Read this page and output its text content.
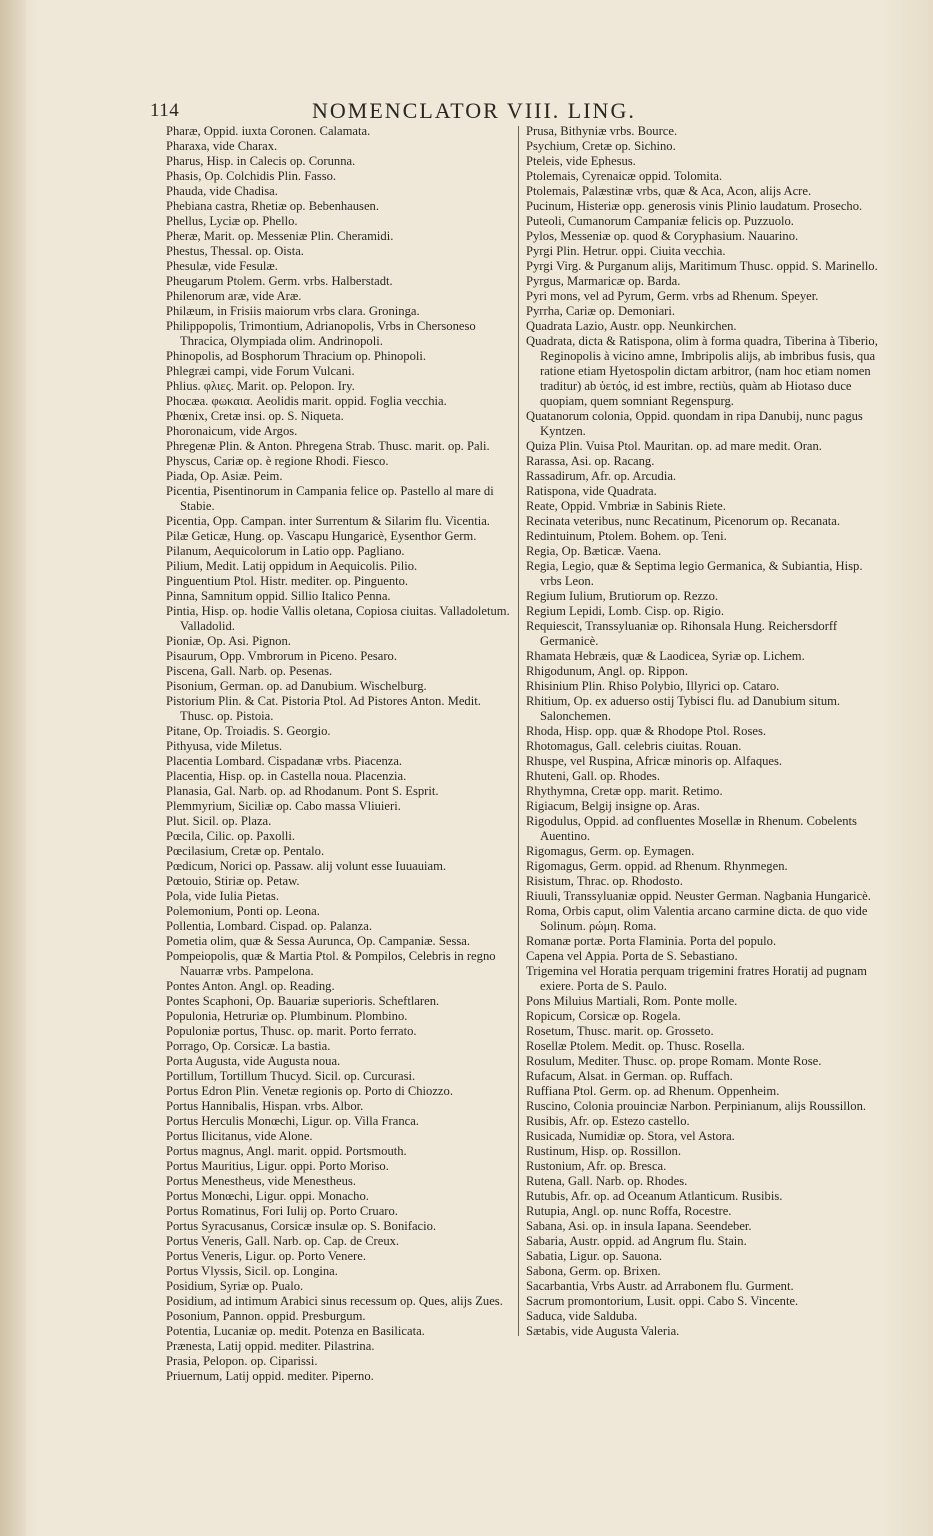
114	NOMENCLATOR VIII. LING.

Pharæ, Oppid. iuxta Coronen. Calamata.

Pharaxa, vide Charax.

Pharus, Hisp. in Calecis op. Corunna.

Phasis, Op. Colchidis Plin. Fasso.

Phauda, vide Chadisa.

Phebiana castra, Rhetiæ op. Bebenhausen.

Phellus, Lyciæ op. Phello.

Pheræ, Marit. op. Messeniæ Plin. Cheramidi.

Phestus, Thessal. op. Oista.

Phesulæ, vide Fesulæ.

Pheugarum Ptolem. Germ. vrbs. Halberstadt.

Philenorum aræ, vide Aræ.

Philæum, in Frisiis maiorum vrbs clara. Groninga.

Philippopolis, Trimontium, Adrianopolis, Vrbs in Chersoneso Thracica, Olympiada olim. Andrinopoli.

Phinopolis, ad Bosphorum Thracium op. Phinopoli.

Phlegræi campi, vide Forum Vulcani.

Phlius. φλιες. Marit. op. Pelopon. Iry.

Phocæa. φωκαια. Aeolidis marit. oppid. Foglia vecchia.

Phœnix, Cretæ insi. op. S. Niqueta.

Phoronaicum, vide Argos.

Phregenæ Plin. & Anton. Phregena Strab. Thusc. marit. op. Pali.

Physcus, Cariæ op. è regione Rhodi. Fiesco.

Piada, Op. Asiæ. Peim.

Picentia, Pisentinorum in Campania felice op. Pastello al mare di Stabie.

Picentia, Opp. Campan. inter Surrentum & Silarim flu. Vicentia.

Pilæ Geticæ, Hung. op. Vascapu Hungaricè, Eysenthor Germ.

Pilanum, Aequicolorum in Latio opp. Pagliano.

Pilium, Medit. Latij oppidum in Aequicolis. Pilio.

Pinguentium Ptol. Histr. mediter. op. Pinguento.

Pinna, Samnitum oppid. Sillio Italico Penna.

Pintia, Hisp. op. hodie Vallis oletana, Copiosa ciuitas. Valladoletum. Valladolid.

Pioniæ, Op. Asi. Pignon.

Pisaurum, Opp. Vmbrorum in Piceno. Pesaro.

Piscena, Gall. Narb. op. Pesenas.

Pisonium, German. op. ad Danubium. Wischelburg.

Pistorium Plin. & Cat. Pistoria Ptol. Ad Pistores Anton. Medit. Thusc. op. Pistoia.

Pitane, Op. Troiadis. S. Georgio.

Pithyusa, vide Miletus.

Placentia Lombard. Cispadanæ vrbs. Piacenza.

Placentia, Hisp. op. in Castella noua. Placenzia.

Planasia, Gal. Narb. op. ad Rhodanum. Pont S. Esprit.

Plemmyrium, Siciliæ op. Cabo massa Vliuieri.

Plut. Sicil. op. Plaza.

Pœcila, Cilic. op. Paxolli.

Pœcilasium, Cretæ op. Pentalo.

Pœdicum, Norici op. Passaw. alij volunt esse Iuuauiam.

Pœtouio, Stiriæ op. Petaw.

Pola, vide Iulia Pietas.

Polemonium, Ponti op. Leona.

Pollentia, Lombard. Cispad. op. Palanza.

Pometia olim, quæ & Sessa Aurunca, Op. Campaniæ. Sessa.

Pompeiopolis, quæ & Martia Ptol. & Pompilos, Celebris in regno Nauarræ vrbs. Pampelona.

Pontes Anton. Angl. op. Reading.

Pontes Scaphoni, Op. Bauariæ superioris. Scheftlaren.

Populonia, Hetruriæ op. Plumbinum. Plombino.

Populoniæ portus, Thusc. op. marit. Porto ferrato.

Porrago, Op. Corsicæ. La bastia.

Porta Augusta, vide Augusta noua.

Portillum, Tortillum Thucyd. Sicil. op. Curcurasi.

Portus Edron Plin. Venetæ regionis op. Porto di Chiozzo.

Portus Hannibalis, Hispan. vrbs. Albor.

Portus Herculis Monœchi, Ligur. op. Villa Franca.

Portus Ilicitanus, vide Alone.

Portus magnus, Angl. marit. oppid. Portsmouth.

Portus Mauritius, Ligur. oppi. Porto Moriso.

Portus Menestheus, vide Menestheus.

Portus Monœchi, Ligur. oppi. Monacho.

Portus Romatinus, Fori Iulij op. Porto Cruaro.

Portus Syracusanus, Corsicæ insulæ op. S. Bonifacio.

Portus Veneris, Gall. Narb. op. Cap. de Creux.

Portus Veneris, Ligur. op. Porto Venere.

Portus Vlyssis, Sicil. op. Longina.

Posidium, Syriæ op. Pualo.

Posidium, ad intimum Arabici sinus recessum op. Ques, alijs Zues.

Posonium, Pannon. oppid. Presburgum.

Potentia, Lucaniæ op. medit. Potenza en Basilicata.

Prænesta, Latij oppid. mediter. Pilastrina.

Prasia, Pelopon. op. Ciparissi.

Priuernum, Latij oppid. mediter. Piperno.

Prusa, Bithyniæ vrbs. Bource.

Psychium, Cretæ op. Sichino.

Pteleis, vide Ephesus.

Ptolemais, Cyrenaicæ oppid. Tolomita.

Ptolemais, Palæstinæ vrbs, quæ & Aca, Acon, alijs Acre.

Pucinum, Histeriæ opp. generosis vinis Plinio laudatum. Prosecho.

Puteoli, Cumanorum Campaniæ felicis op. Puzzuolo.

Pylos, Messeniæ op. quod & Coryphasium. Nauarino.

Pyrgi Plin. Hetrur. oppi. Ciuita vecchia.

Pyrgi Virg. & Purganum alijs, Maritimum Thusc. oppid. S. Marinello.

Pyrgus, Marmaricæ op. Barda.

Pyri mons, vel ad Pyrum, Germ. vrbs ad Rhenum. Speyer.

Pyrrha, Cariæ op. Demoniari.

Quadrata Lazio, Austr. opp. Neunkirchen.

Quadrata, dicta & Ratispona, olim à forma quadra, Tiberina à Tiberio, Reginopolis à vicino amne, Imbripolis alijs, ab imbribus fusis, qua ratione etiam Hyetospolin dictam arbitror, (nam hoc etiam nomen traditur) ab ὑετός, id est imbre, rectiùs, quàm ab Hiotaso duce quopiam, quem somniant Regenspurg.

Quatanorum colonia, Oppid. quondam in ripa Danubij, nunc pagus Kyntzen.

Quiza Plin. Vuisa Ptol. Mauritan. op. ad mare medit. Oran.

Rarassa, Asi. op. Racang.

Rassadirum, Afr. op. Arcudia.

Ratispona, vide Quadrata.

Reate, Oppid. Vmbriæ in Sabinis Riete.

Recinata veteribus, nunc Recatinum, Picenorum op. Recanata.

Redintuinum, Ptolem. Bohem. op. Teni.

Regia, Op. Bæticæ. Vaena.

Regia, Legio, quæ & Septima legio Germanica, & Subiantia, Hisp. vrbs Leon.

Regium Iulium, Brutiorum op. Rezzo.

Regium Lepidi, Lomb. Cisp. op. Rigio.

Requiescit, Transsyluaniæ op. Rihonsala Hung. Reichersdorff Germanicè.

Rhamata Hebræis, quæ & Laodicea, Syriæ op. Lichem.

Rhigodunum, Angl. op. Rippon.

Rhisinium Plin. Rhiso Polybio, Illyrici op. Cataro.

Rhitium, Op. ex aduerso ostij Tybisci flu. ad Danubium situm. Salonchemen.

Rhoda, Hisp. opp. quæ & Rhodope Ptol. Roses.

Rhotomagus, Gall. celebris ciuitas. Rouan.

Rhuspe, vel Ruspina, Africæ minoris op. Alfaques.

Rhuteni, Gall. op. Rhodes.

Rhythymna, Cretæ opp. marit. Retimo.

Rigiacum, Belgij insigne op. Aras.

Rigodulus, Oppid. ad confluentes Mosellæ in Rhenum. Cobelents Auentino.

Rigomagus, Germ. op. Eymagen.

Rigomagus, Germ. oppid. ad Rhenum. Rhynmegen.

Risistum, Thrac. op. Rhodosto.

Riuuli, Transsyluaniæ oppid. Neuster German. Nagbania Hungaricè.

Roma, Orbis caput, olim Valentia arcano carmine dicta. de quo vide Solinum. ρώμη. Roma.

Romanæ portæ. Porta Flaminia. Porta del populo.

Capena vel Appia. Porta de S. Sebastiano.

Trigemina vel Horatia perquam trigemini fratres Horatij ad pugnam exiere. Porta de S. Paulo.

Pons Miluius Martiali, Rom. Ponte molle.

Ropicum, Corsicæ op. Rogela.

Rosetum, Thusc. marit. op. Grosseto.

Rosellæ Ptolem. Medit. op. Thusc. Rosella.

Rosulum, Mediter. Thusc. op. prope Romam. Monte Rose.

Rufacum, Alsat. in German. op. Ruffach.

Ruffiana Ptol. Germ. op. ad Rhenum. Oppenheim.

Ruscino, Colonia prouinciæ Narbon. Perpinianum, alijs Roussillon.

Rusibis, Afr. op. Estezo castello.

Rusicada, Numidiæ op. Stora, vel Astora.

Rustinum, Hisp. op. Rossillon.

Rustonium, Afr. op. Bresca.

Rutena, Gall. Narb. op. Rhodes.

Rutubis, Afr. op. ad Oceanum Atlanticum. Rusibis.

Rutupia, Angl. op. nunc Roffa, Rocestre.

Sabana, Asi. op. in insula Iapana. Seendeber.

Sabaria, Austr. oppid. ad Angrum flu. Stain.

Sabatia, Ligur. op. Sauona.

Sabona, Germ. op. Brixen.

Sacarbantia, Vrbs Austr. ad Arrabonem flu. Gurment.

Sacrum promontorium, Lusit. oppi. Cabo S. Vincente.

Saduca, vide Salduba.

Sætabis, vide Augusta Valeria.
